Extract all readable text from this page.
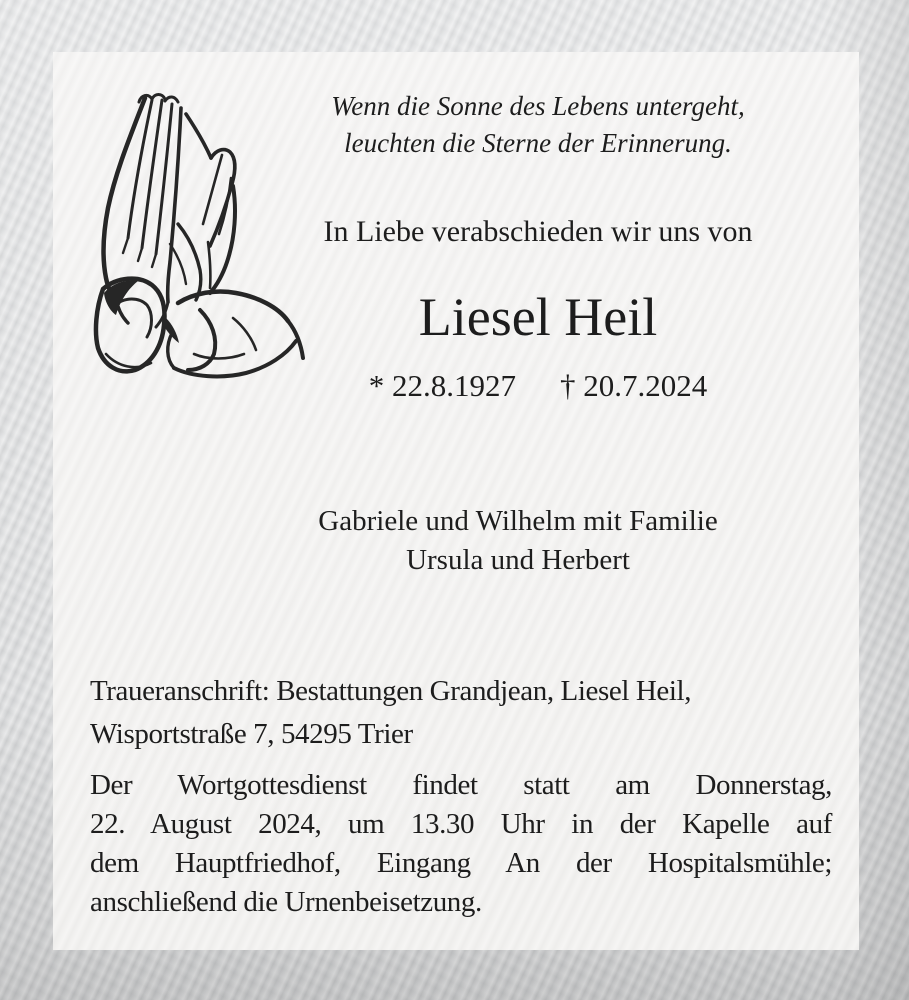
Wenn die Sonne des Lebens untergeht,
leuchten die Sterne der Erinnerung.
In Liebe verabschieden wir uns von
Liesel Heil
* 22.8.1927 † 20.7.2024
Gabriele und Wilhelm mit Familie
Ursula und Herbert
Traueranschrift: Bestattungen Grandjean, Liesel Heil,
Wisportstraße 7, 54295 Trier
Der Wortgottesdienst findet statt am Donnerstag,
22. August 2024, um 13.30 Uhr in der Kapelle auf
dem Hauptfriedhof, Eingang An der Hospitalsmühle;
anschließend die Urnenbeisetzung.
